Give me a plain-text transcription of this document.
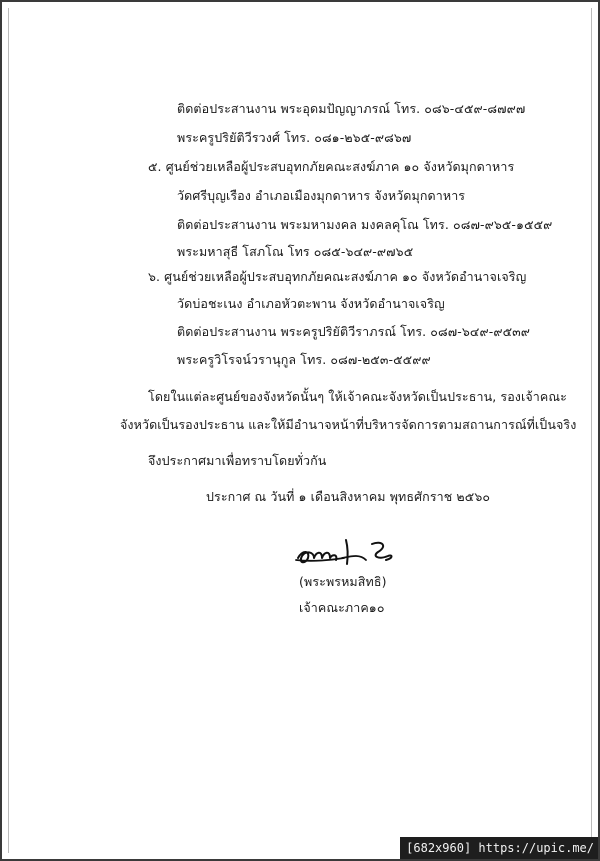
ติดต่อประสานงาน พระอุดมปัญญาภรณ์ โทร. ๐๘๖-๔๕๙-๘๗๙๗
พระครูปริยัติวีรวงศ์ โทร. ๐๘๑-๒๖๕-๙๘๖๗
๕. ศูนย์ช่วยเหลือผู้ประสบอุทกภัยคณะสงฆ์ภาค ๑๐ จังหวัดมุกดาหาร
วัดศรีบุญเรือง อำเภอเมืองมุกดาหาร จังหวัดมุกดาหาร
ติดต่อประสานงาน พระมหามงคล มงคลคุโณ โทร. ๐๘๗-๙๖๕-๑๕๕๙
พระมหาสุธี โสภโณ โทร ๐๘๕-๖๔๙-๙๗๖๕
๖. ศูนย์ช่วยเหลือผู้ประสบอุทกภัยคณะสงฆ์ภาค ๑๐ จังหวัดอำนาจเจริญ
วัดบ่อชะเนง อำเภอหัวตะพาน จังหวัดอำนาจเจริญ
ติดต่อประสานงาน พระครูปริยัติวีราภรณ์ โทร. ๐๘๗-๖๔๙-๙๕๓๙
พระครูวิโรจน์วรานุกูล โทร. ๐๘๗-๒๕๓-๕๕๙๙
โดยในแต่ละศูนย์ของจังหวัดนั้นๆ ให้เจ้าคณะจังหวัดเป็นประธาน, รองเจ้าคณะ
จังหวัดเป็นรองประธาน และให้มีอำนาจหน้าที่บริหารจัดการตามสถานการณ์ที่เป็นจริง
จึงประกาศมาเพื่อทราบโดยทั่วกัน
ประกาศ ณ วันที่ ๑ เดือนสิงหาคม พุทธศักราช ๒๕๖๐
(พระพรหมสิทธิ)
เจ้าคณะภาค๑๐
[682x960] https://upic.me/
